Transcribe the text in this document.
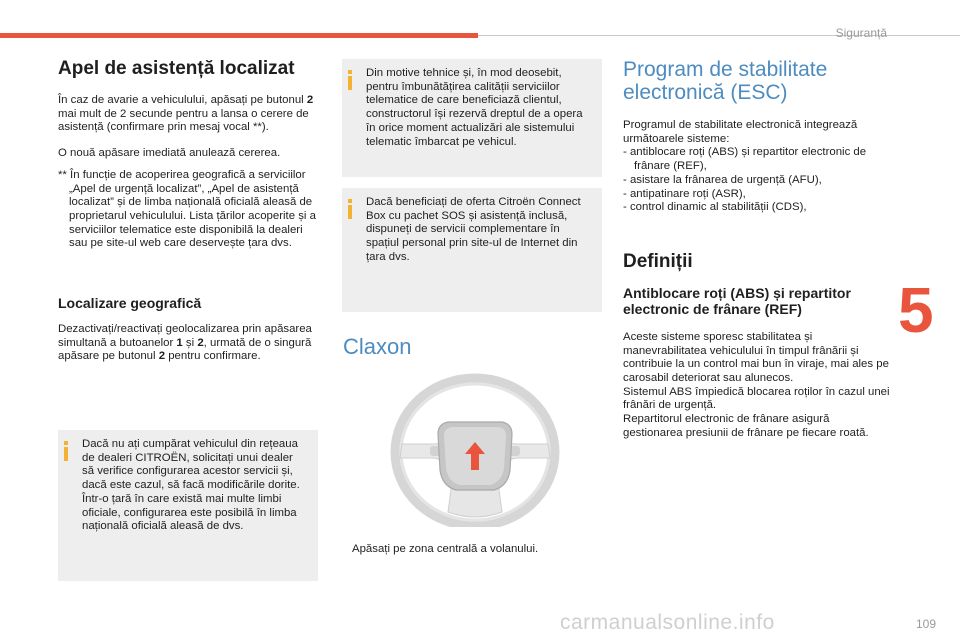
Siguranță
5
Apel de asistență localizat

În caz de avarie a vehiculului, apăsați pe butonul 2 mai mult de 2 secunde pentru a lansa o cerere de asistență (confirmare prin mesaj vocal **).

O nouă apăsare imediată anulează cererea.

** În funcție de acoperirea geografică a serviciilor „Apel de urgență localizat”, „Apel de asistență localizat” și de limba națională oficială aleasă de proprietarul vehiculului. Lista țărilor acoperite și a serviciilor telematice este disponibilă la dealeri sau pe site-ul web care deservește țara dvs.

Localizare geografică

Dezactivați/reactivați geolocalizarea prin apăsarea simultană a butoanelor 1 și 2, urmată de o singură apăsare pe butonul 2 pentru confirmare.

Dacă nu ați cumpărat vehiculul din rețeaua de dealeri CITROËN, solicitați unui dealer să verifice configurarea acestor servicii și, dacă este cazul, să facă modificările dorite. Într-o țară în care există mai multe limbi oficiale, configurarea este posibilă în limba națională oficială aleasă de dvs.
Din motive tehnice și, în mod deosebit, pentru îmbunătățirea calității serviciilor telematice de care beneficiază clientul, constructorul își rezervă dreptul de a opera în orice moment actualizări ale sistemului telematic îmbarcat pe vehicul.
Dacă beneficiați de oferta Citroën Connect Box cu pachet SOS și asistență inclusă, dispuneți de servicii complementare în spațiul personal prin site-ul de Internet din țara dvs.
Claxon
Apăsați pe zona centrală a volanului.
Program de stabilitate electronică (ESC)

Programul de stabilitate electronică integrează următoarele sisteme:

- antiblocare roți (ABS) și repartitor electronic de frânare (REF),

- asistare la frânarea de urgență (AFU),

- antipatinare roți (ASR),

- control dinamic al stabilității (CDS),

Definiții
Antiblocare roți (ABS) și repartitor electronic de frânare (REF)

Aceste sisteme sporesc stabilitatea și manevrabilitatea vehiculului în timpul frânării și contribuie la un control mai bun în viraje, mai ales pe carosabil deteriorat sau alunecos.

Sistemul ABS împiedică blocarea roților în cazul unei frânări de urgență.

Repartitorul electronic de frânare asigură gestionarea presiunii de frânare pe fiecare roată.

carmanualsonline.info	109
